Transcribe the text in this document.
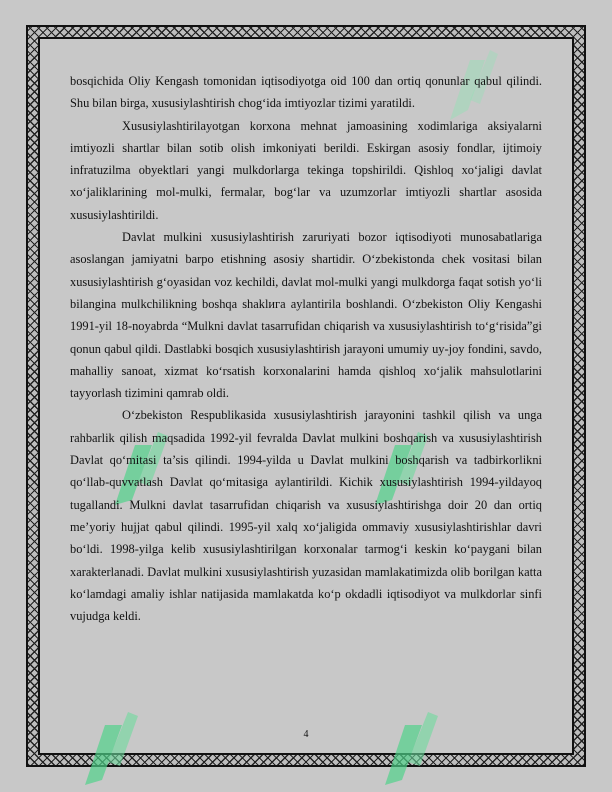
bosqichida Oliy Kengash tomonidan iqtisodiyotga oid 100 dan ortiq qonunlar qabul qilindi. Shu bilan birga, xususiylashtirish chog‘ida imtiyozlar tizimi yaratildi.

Xususiylashtirilayotgan korxona mehnat jamoasining xodimlariga aksiyalarni imtiyozli shartlar bilan sotib olish imkoniyati berildi. Eskirgan asosiy fondlar, ijtimoiy infratuzilma obyektlari yangi mulkdorlarga tekinga topshirildi. Qishloq xo‘jaligi davlat xo‘jaliklarining mol-mulki, fermalar, bog‘lar va uzumzorlar imtiyozli shartlar asosida xususiylashtirildi.

Davlat mulkini xususiylashtirish zaruriyati bozor iqtisodiyoti munosabatlariga asoslangan jamiyatni barpo etishning asosiy shartidir. O‘zbekistonda chek vositasi bilan xususiylashtirish g‘oyasidan voz kechildi, davlat mol-mulki yangi mulkdorga faqat sotish yo‘li bilangina mulkchilikning boshqa shaklига aylantirila boshlandi. O‘zbekiston Oliy Kengashi 1991-yil 18-noyabrda “Mulkni davlat tasarrufidan chiqarish va xususiylashtirish to‘g‘risida”gi qonun qabul qildi. Dastlabki bosqich xususiylashtirish jarayoni umumiy uy-joy fondini, savdo, mahalliy sanoat, xizmat ko‘rsatish korxonalarini hamda qishloq xo‘jalik mahsulotlarini tayyorlash tizimini qamrab oldi.

O‘zbekiston Respublikasida xususiylashtirish jarayonini tashkil qilish va unga rahbarlik qilish maqsadida 1992-yil fevralda Davlat mulkini boshqarish va xususiylashtirish Davlat qo‘mitasi ta’sis qilindi. 1994-yilda u Davlat mulkini boshqarish va tadbirkorlikni qo‘llab-quvvatlash Davlat qo‘mitasiga aylantirildi. Kichik xususiylashtirish 1994-yildayoq tugallandi. Mulkni davlat tasarrufidan chiqarish va xususiylashtirishga doir 20 dan ortiq me’yoriy hujjat qabul qilindi. 1995-yil xalq xo‘jaligida ommaviy xususiylashtirishlar davri bo‘ldi. 1998-yilga kelib xususiylashtirilgan korxonalar tarmog‘i keskin ko‘paygani bilan xarakterlanadi. Davlat mulkini xususiylashtirish yuzasidan mamlakatimizda olib borilgan katta ko‘lamdagi amaliy ishlar natijasida mamlakatda ko‘p okdadli iqtisodiyot va mulkdorlar sinfi vujudga keldi.

4
